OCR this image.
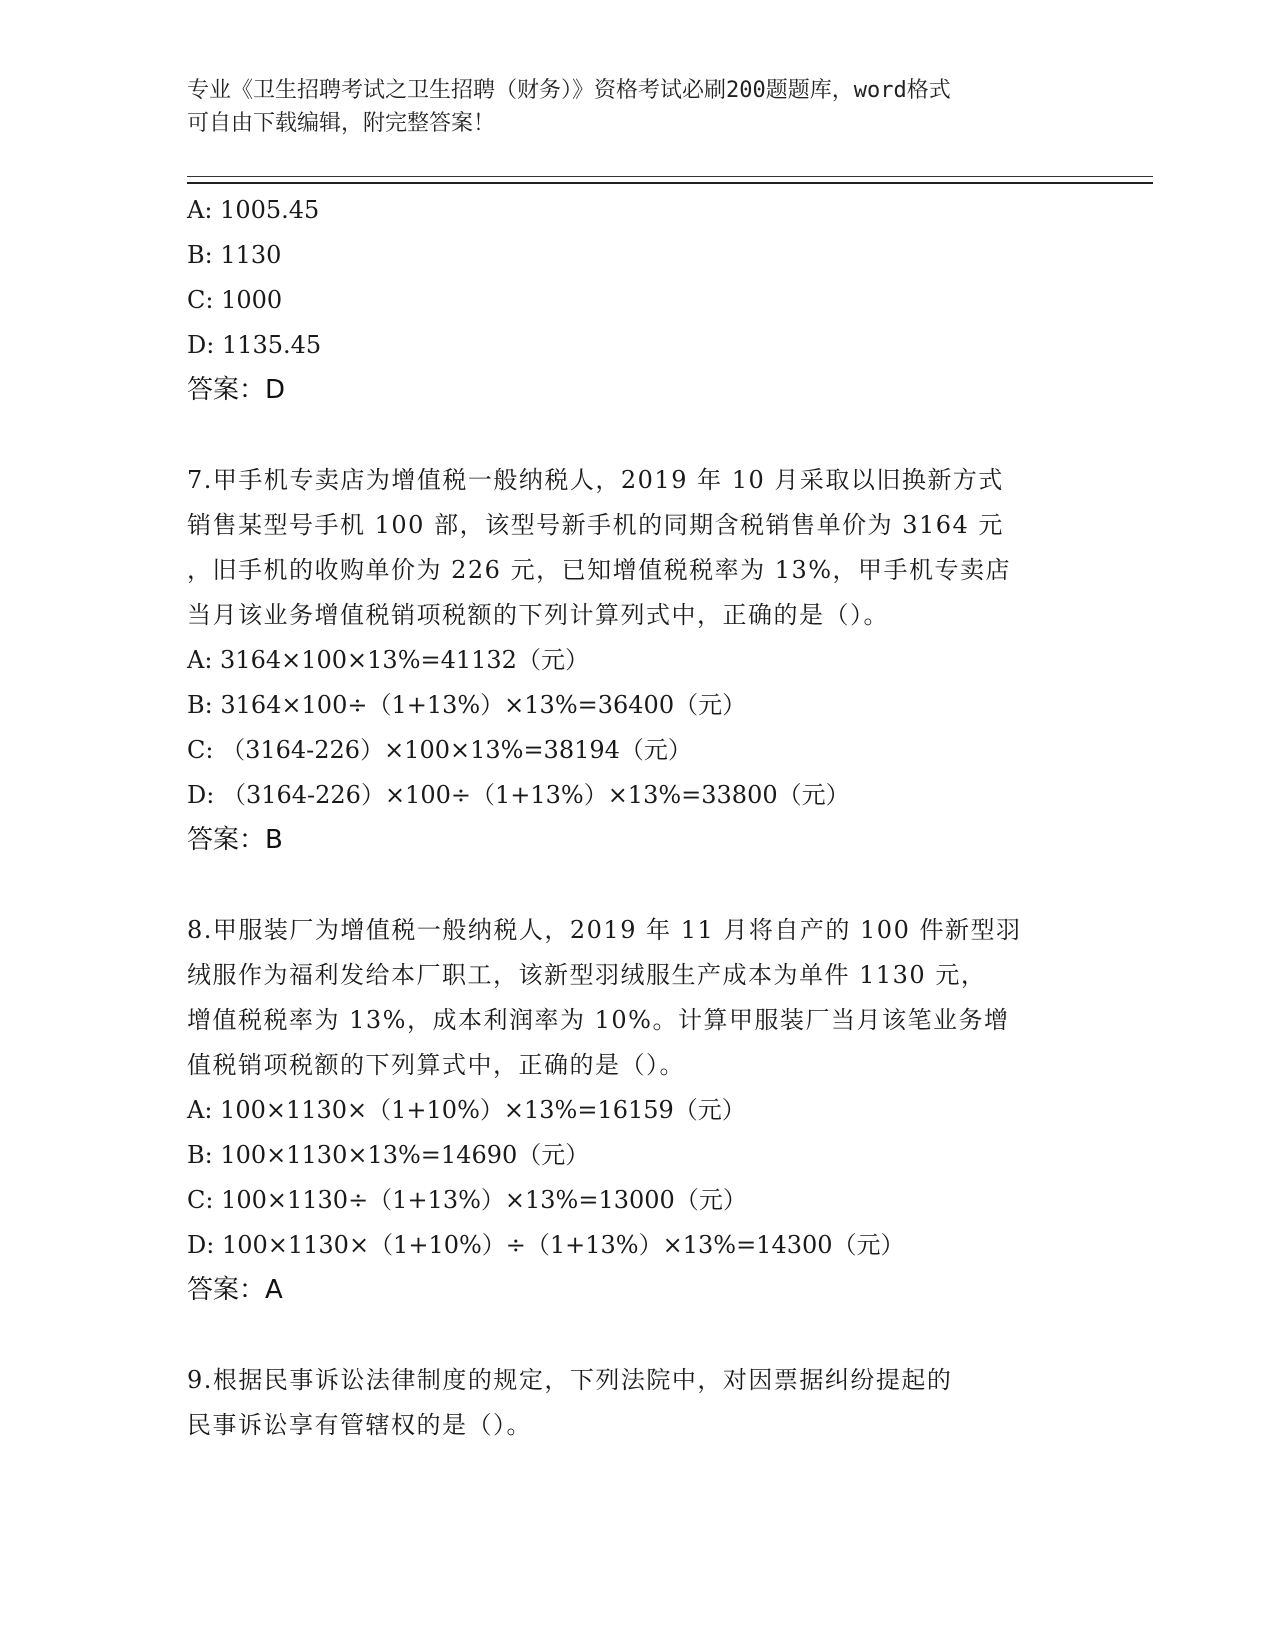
专业《卫生招聘考试之卫生招聘（财务）》资格考试必刷200题题库，word格式
可自由下载编辑，附完整答案！
A: 1005.45
B: 1130
C: 1000
D: 1135.45
答案：D
7.甲手机专卖店为增值税一般纳税人，2019 年 10 月采取以旧换新方式
销售某型号手机 100 部，该型号新手机的同期含税销售单价为 3164 元
，旧手机的收购单价为 226 元，已知增值税税率为 13%，甲手机专卖店
当月该业务增值税销项税额的下列计算列式中，正确的是（）。
A: 3164×100×13%=41132（元）
B: 3164×100÷（1+13%）×13%=36400（元）
C: （3164-226）×100×13%=38194（元）
D: （3164-226）×100÷（1+13%）×13%=33800（元）
答案：B
8.甲服装厂为增值税一般纳税人，2019 年 11 月将自产的 100 件新型羽
绒服作为福利发给本厂职工，该新型羽绒服生产成本为单件 1130 元，
增值税税率为 13%，成本利润率为 10%。计算甲服装厂当月该笔业务增
值税销项税额的下列算式中，正确的是（）。
A: 100×1130×（1+10%）×13%=16159（元）
B: 100×1130×13%=14690（元）
C: 100×1130÷（1+13%）×13%=13000（元）
D: 100×1130×（1+10%）÷（1+13%）×13%=14300（元）
答案：A
9.根据民事诉讼法律制度的规定，下列法院中，对因票据纠纷提起的
民事诉讼享有管辖权的是（）。
